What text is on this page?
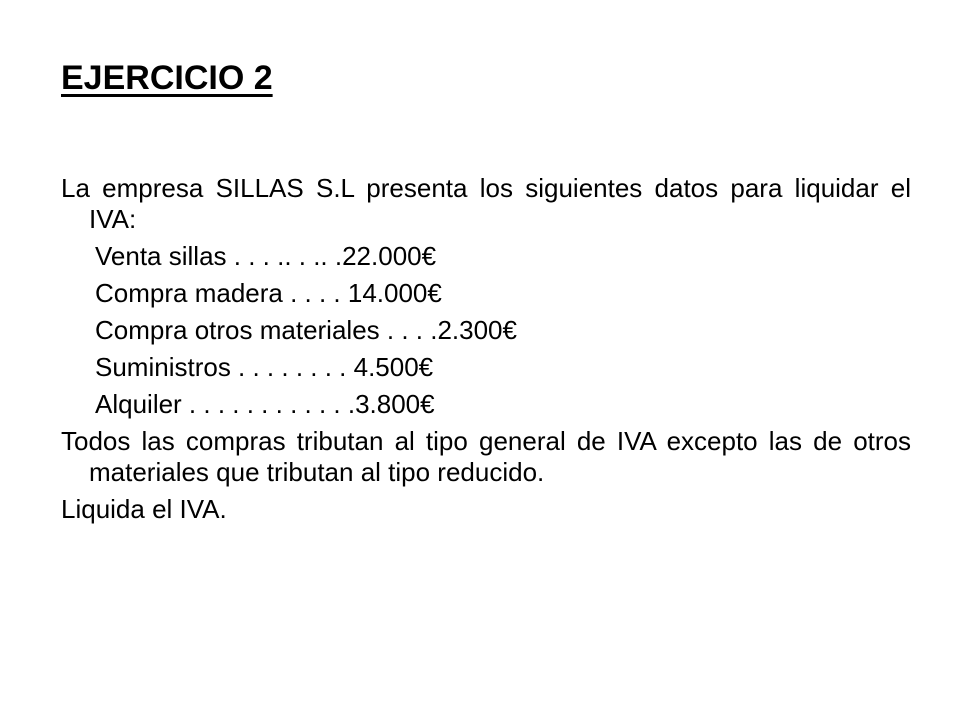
EJERCICIO 2

La empresa SILLAS S.L presenta los siguientes datos para liquidar el IVA:

Venta sillas . . . .. . .. .22.000€

Compra madera . . . . 14.000€

Compra otros materiales . . . .2.300€

Suministros . . . . . . . . 4.500€

Alquiler . . . . . . . . . . . .3.800€

Todos las compras tributan al tipo general de IVA excepto las de otros materiales que tributan al tipo reducido.

Liquida el IVA.
